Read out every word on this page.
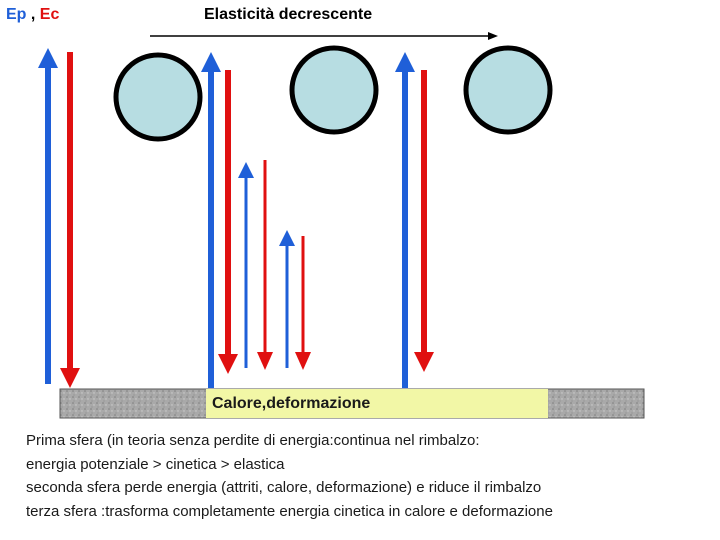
Ep , Ec	Elasticità decrescente
Calore,deformazione
Prima sfera (in teoria senza perdite di energia:continua nel rimbalzo:
energia potenziale > cinetica > elastica
seconda sfera perde energia (attriti, calore, deformazione) e riduce il rimbalzo
terza sfera :trasforma completamente energia cinetica in calore e deformazione
